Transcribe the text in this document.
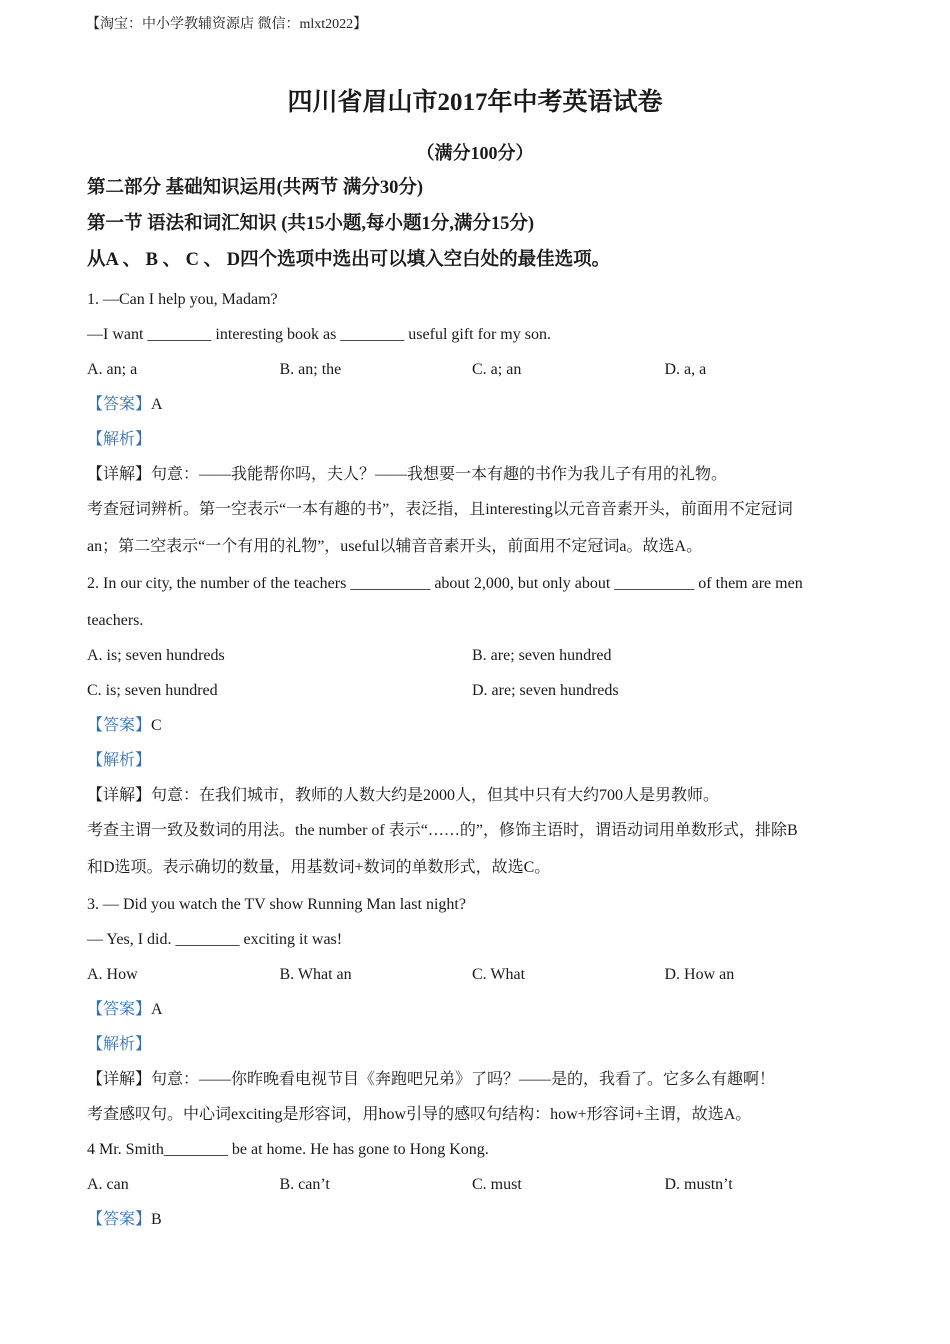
【淘宝：中小学教辅资源店 微信：mlxt2022】
四川省眉山市2017年中考英语试卷
（满分100分）
第二部分 基础知识运用(共两节 满分30分)
第一节 语法和词汇知识 (共15小题,每小题1分,满分15分)
从A 、 B 、 C 、 D四个选项中选出可以填入空白处的最佳选项。
1. —Can I help you, Madam?
—I want ________ interesting book as ________ useful gift for my son.
A. an; a	B. an; the	C. a; an	D. a, a
【答案】A
【解析】
【详解】句意：——我能帮你吗，夫人？——我想要一本有趣的书作为我儿子有用的礼物。
考查冠词辨析。第一空表示“一本有趣的书”，表泛指，且interesting以元音音素开头，前面用不定冠词
an；第二空表示“一个有用的礼物”，useful以辅音音素开头，前面用不定冠词a。故选A。
2. In our city, the number of the teachers __________ about 2,000, but only about __________ of them are men
teachers.
A. is; seven hundreds	B. are; seven hundred
C. is; seven hundred	D. are; seven hundreds
【答案】C
【解析】
【详解】句意：在我们城市，教师的人数大约是2000人，但其中只有大约700人是男教师。
考查主谓一致及数词的用法。the number of 表示“……的”，修饰主语时，谓语动词用单数形式，排除B
和D选项。表示确切的数量，用基数词+数词的单数形式，故选C。
3. — Did you watch the TV show Running Man last night?
— Yes, I did. ________ exciting it was!
A. How	B. What an	C. What	D. How an
【答案】A
【解析】
【详解】句意：——你昨晚看电视节目《奔跑吧兄弟》了吗？——是的，我看了。它多么有趣啊！
考查感叹句。中心词exciting是形容词，用how引导的感叹句结构：how+形容词+主谓，故选A。
4 Mr. Smith________ be at home. He has gone to Hong Kong.
A. can	B. can’t	C. must	D. mustn’t
【答案】B
